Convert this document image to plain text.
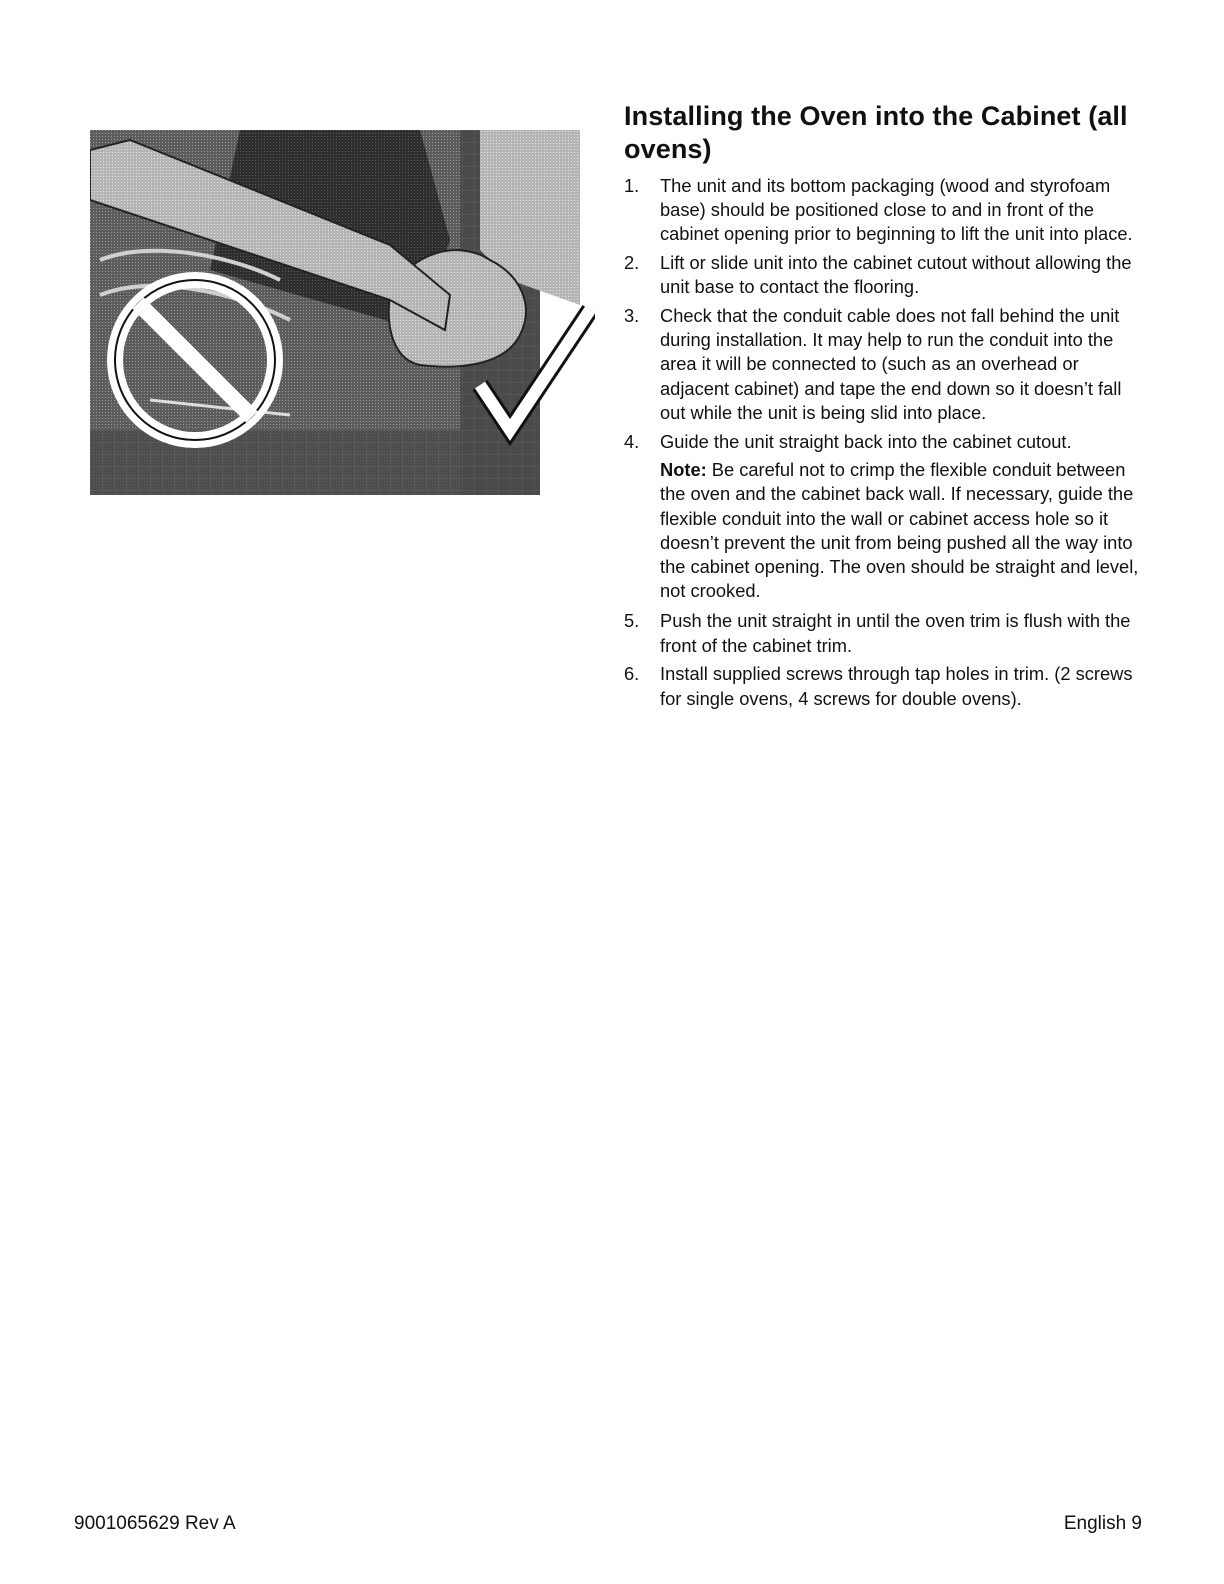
Installing the Oven into the Cabinet (all ovens)
1. The unit and its bottom packaging (wood and styrofoam base) should be positioned close to and in front of the cabinet opening prior to beginning to lift the unit into place.
2. Lift or slide unit into the cabinet cutout without allowing the unit base to contact the flooring.
3. Check that the conduit cable does not fall behind the unit during installation. It may help to run the conduit into the area it will be connected to (such as an overhead or adjacent cabinet) and tape the end down so it doesn’t fall out while the unit is being slid into place.
4. Guide the unit straight back into the cabinet cutout.

Note: Be careful not to crimp the flexible conduit between the oven and the cabinet back wall. If necessary, guide the flexible conduit into the wall or cabinet access hole so it doesn’t prevent the unit from being pushed all the way into the cabinet opening. The oven should be straight and level, not crooked.

5. Push the unit straight in until the oven trim is flush with the front of the cabinet trim.
6. Install supplied screws through tap holes in trim. (2 screws for single ovens, 4 screws for double ovens).
9001065629 Rev A	English 9
